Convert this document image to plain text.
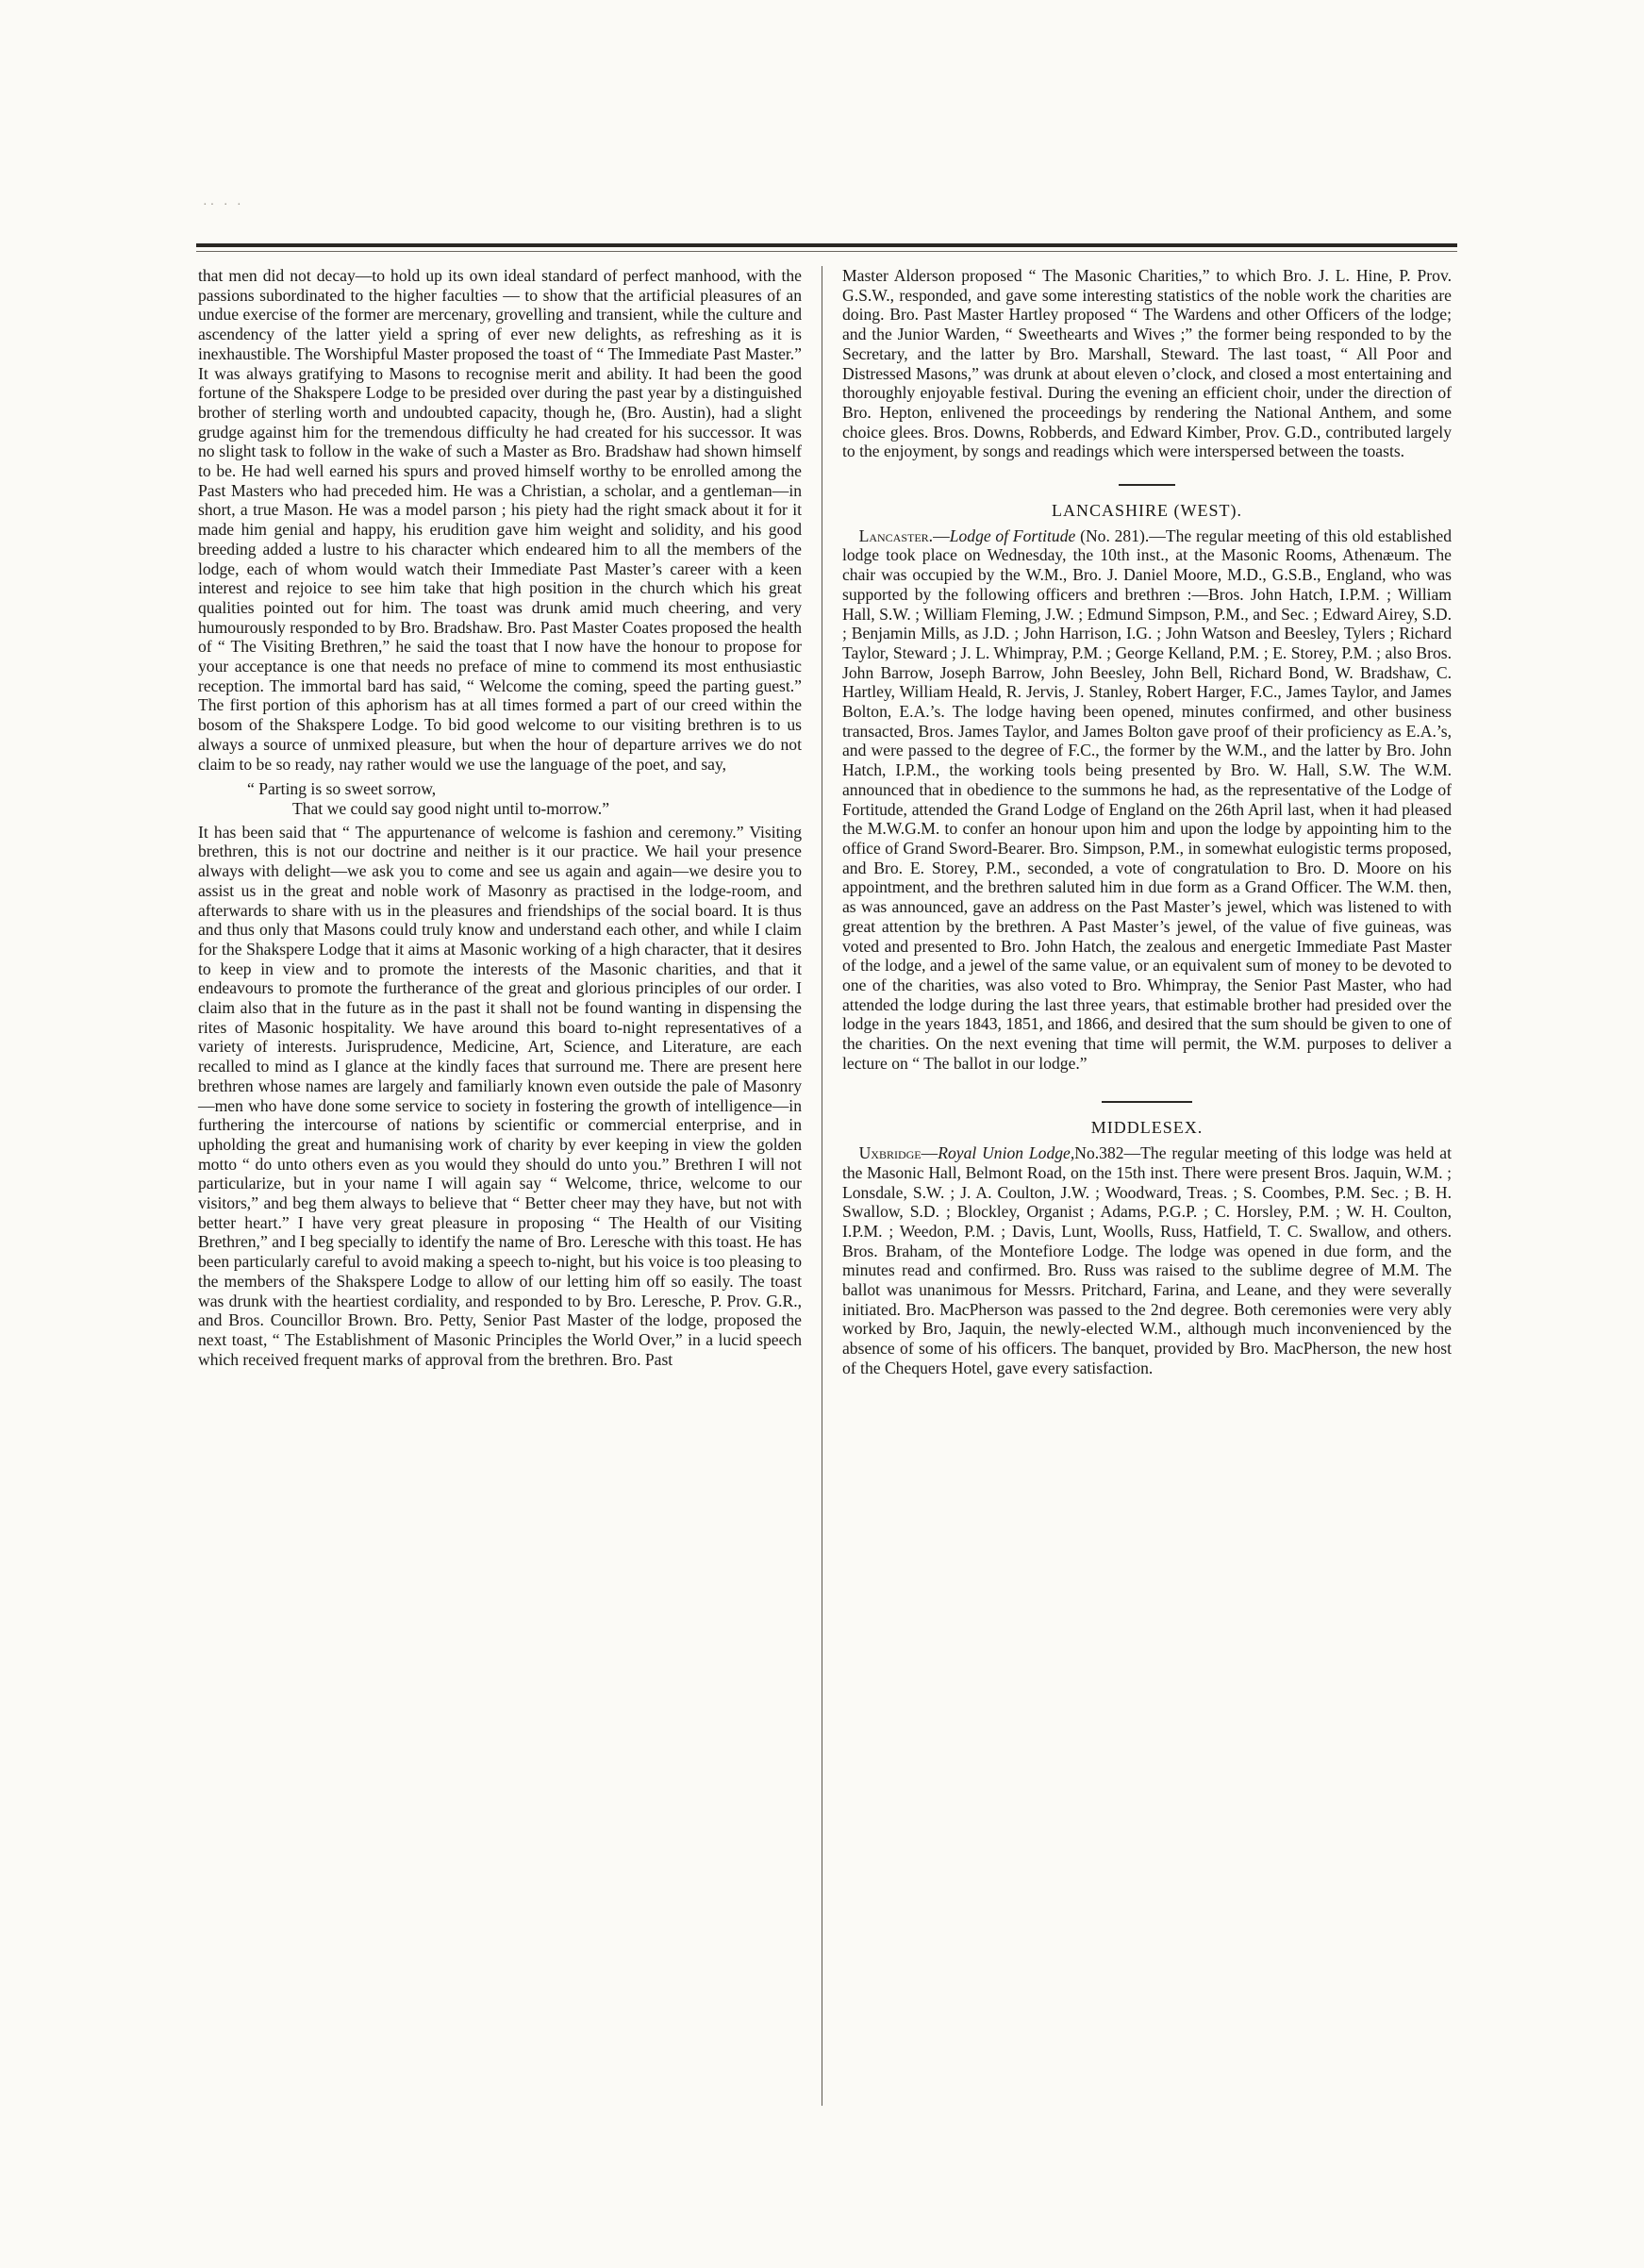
·· · ·

that men did not decay—to hold up its own ideal standard of perfect manhood, with the passions subordinated to the higher faculties — to show that the artificial pleasures of an undue exercise of the former are mercenary, grovelling and transient, while the culture and ascendency of the latter yield a spring of ever new delights, as refreshing as it is inexhaustible. The Worshipful Master proposed the toast of “ The Immediate Past Master.” It was always gratifying to Masons to recognise merit and ability. It had been the good fortune of the Shakspere Lodge to be presided over during the past year by a distinguished brother of sterling worth and undoubted capacity, though he, (Bro. Austin), had a slight grudge against him for the tremendous difficulty he had created for his successor. It was no slight task to follow in the wake of such a Master as Bro. Bradshaw had shown himself to be. He had well earned his spurs and proved himself worthy to be enrolled among the Past Masters who had preceded him. He was a Christian, a scholar, and a gentleman—in short, a true Mason. He was a model parson ; his piety had the right smack about it for it made him genial and happy, his erudition gave him weight and solidity, and his good breeding added a lustre to his character which endeared him to all the members of the lodge, each of whom would watch their Immediate Past Master’s career with a keen interest and rejoice to see him take that high position in the church which his great qualities pointed out for him. The toast was drunk amid much cheering, and very humourously responded to by Bro. Bradshaw. Bro. Past Master Coates proposed the health of “ The Visiting Brethren,” he said the toast that I now have the honour to propose for your acceptance is one that needs no preface of mine to commend its most enthusiastic reception. The immortal bard has said, “ Welcome the coming, speed the parting guest.” The first portion of this aphorism has at all times formed a part of our creed within the bosom of the Shakspere Lodge. To bid good welcome to our visiting brethren is to us always a source of unmixed pleasure, but when the hour of departure arrives we do not claim to be so ready, nay rather would we use the language of the poet, and say,

“ Parting is so sweet sorrow,
That we could say good night until to-morrow.”

It has been said that “ The appurtenance of welcome is fashion and ceremony.” Visiting brethren, this is not our doctrine and neither is it our practice. We hail your presence always with delight—we ask you to come and see us again and again—we desire you to assist us in the great and noble work of Masonry as practised in the lodge-room, and afterwards to share with us in the pleasures and friendships of the social board. It is thus and thus only that Masons could truly know and understand each other, and while I claim for the Shakspere Lodge that it aims at Masonic working of a high character, that it desires to keep in view and to promote the interests of the Masonic charities, and that it endeavours to promote the furtherance of the great and glorious principles of our order. I claim also that in the future as in the past it shall not be found wanting in dispensing the rites of Masonic hospitality. We have around this board to-night representatives of a variety of interests. Jurisprudence, Medicine, Art, Science, and Literature, are each recalled to mind as I glance at the kindly faces that surround me. There are present here brethren whose names are largely and familiarly known even outside the pale of Masonry—men who have done some service to society in fostering the growth of intelligence—in furthering the intercourse of nations by scientific or commercial enterprise, and in upholding the great and humanising work of charity by ever keeping in view the golden motto “ do unto others even as you would they should do unto you.” Brethren I will not particularize, but in your name I will again say “ Welcome, thrice, welcome to our visitors,” and beg them always to believe that “ Better cheer may they have, but not with better heart.” I have very great pleasure in proposing “ The Health of our Visiting Brethren,” and I beg specially to identify the name of Bro. Leresche with this toast. He has been particularly careful to avoid making a speech to-night, but his voice is too pleasing to the members of the Shakspere Lodge to allow of our letting him off so easily. The toast was drunk with the heartiest cordiality, and responded to by Bro. Leresche, P. Prov. G.R., and Bros. Councillor Brown. Bro. Petty, Senior Past Master of the lodge, proposed the next toast, “ The Establishment of Masonic Principles the World Over,” in a lucid speech which received frequent marks of approval from the brethren. Bro. Past

Master Alderson proposed “ The Masonic Charities,” to which Bro. J. L. Hine, P. Prov. G.S.W., responded, and gave some interesting statistics of the noble work the charities are doing. Bro. Past Master Hartley proposed “ The Wardens and other Officers of the lodge; and the Junior Warden, “ Sweethearts and Wives ;” the former being responded to by the Secretary, and the latter by Bro. Marshall, Steward. The last toast, “ All Poor and Distressed Masons,” was drunk at about eleven o’clock, and closed a most entertaining and thoroughly enjoyable festival. During the evening an efficient choir, under the direction of Bro. Hepton, enlivened the proceedings by rendering the National Anthem, and some choice glees. Bros. Downs, Robberds, and Edward Kimber, Prov. G.D., contributed largely to the enjoyment, by songs and readings which were interspersed between the toasts.

LANCASHIRE (WEST).

 Lancaster.—Lodge of Fortitude (No. 281).—The regular meeting of this old established lodge took place on Wednesday, the 10th inst., at the Masonic Rooms, Athenæum. The chair was occupied by the W.M., Bro. J. Daniel Moore, M.D., G.S.B., England, who was supported by the following officers and brethren :—Bros. John Hatch, I.P.M. ; William Hall, S.W. ; William Fleming, J.W. ; Edmund Simpson, P.M., and Sec. ; Edward Airey, S.D. ; Benjamin Mills, as J.D. ; John Harrison, I.G. ; John Watson and Beesley, Tylers ; Richard Taylor, Steward ; J. L. Whimpray, P.M. ; George Kelland, P.M. ; E. Storey, P.M. ; also Bros. John Barrow, Joseph Barrow, John Beesley, John Bell, Richard Bond, W. Bradshaw, C. Hartley, William Heald, R. Jervis, J. Stanley, Robert Harger, F.C., James Taylor, and James Bolton, E.A.’s. The lodge having been opened, minutes confirmed, and other business transacted, Bros. James Taylor, and James Bolton gave proof of their proficiency as E.A.’s, and were passed to the degree of F.C., the former by the W.M., and the latter by Bro. John Hatch, I.P.M., the working tools being presented by Bro. W. Hall, S.W. The W.M. announced that in obedience to the summons he had, as the representative of the Lodge of Fortitude, attended the Grand Lodge of England on the 26th April last, when it had pleased the M.W.G.M. to confer an honour upon him and upon the lodge by appointing him to the office of Grand Sword-Bearer. Bro. Simpson, P.M., in somewhat eulogistic terms proposed, and Bro. E. Storey, P.M., seconded, a vote of congratulation to Bro. D. Moore on his appointment, and the brethren saluted him in due form as a Grand Officer. The W.M. then, as was announced, gave an address on the Past Master’s jewel, which was listened to with great attention by the brethren. A Past Master’s jewel, of the value of five guineas, was voted and presented to Bro. John Hatch, the zealous and energetic Immediate Past Master of the lodge, and a jewel of the same value, or an equivalent sum of money to be devoted to one of the charities, was also voted to Bro. Whimpray, the Senior Past Master, who had attended the lodge during the last three years, that estimable brother had presided over the lodge in the years 1843, 1851, and 1866, and desired that the sum should be given to one of the charities. On the next evening that time will permit, the W.M. purposes to deliver a lecture on “ The ballot in our lodge.”

MIDDLESEX.

 Uxbridge—Royal Union Lodge,No.382—The regular meeting of this lodge was held at the Masonic Hall, Belmont Road, on the 15th inst. There were present Bros. Jaquin, W.M. ; Lonsdale, S.W. ; J. A. Coulton, J.W. ; Woodward, Treas. ; S. Coombes, P.M. Sec. ; B. H. Swallow, S.D. ; Blockley, Organist ; Adams, P.G.P. ; C. Horsley, P.M. ; W. H. Coulton, I.P.M. ; Weedon, P.M. ; Davis, Lunt, Woolls, Russ, Hatfield, T. C. Swallow, and others. Bros. Braham, of the Montefiore Lodge. The lodge was opened in due form, and the minutes read and confirmed. Bro. Russ was raised to the sublime degree of M.M. The ballot was unanimous for Messrs. Pritchard, Farina, and Leane, and they were severally initiated. Bro. MacPherson was passed to the 2nd degree. Both ceremonies were very ably worked by Bro, Jaquin, the newly-elected W.M., although much inconvenienced by the absence of some of his officers. The banquet, provided by Bro. MacPherson, the new host of the Chequers Hotel, gave every satisfaction.
